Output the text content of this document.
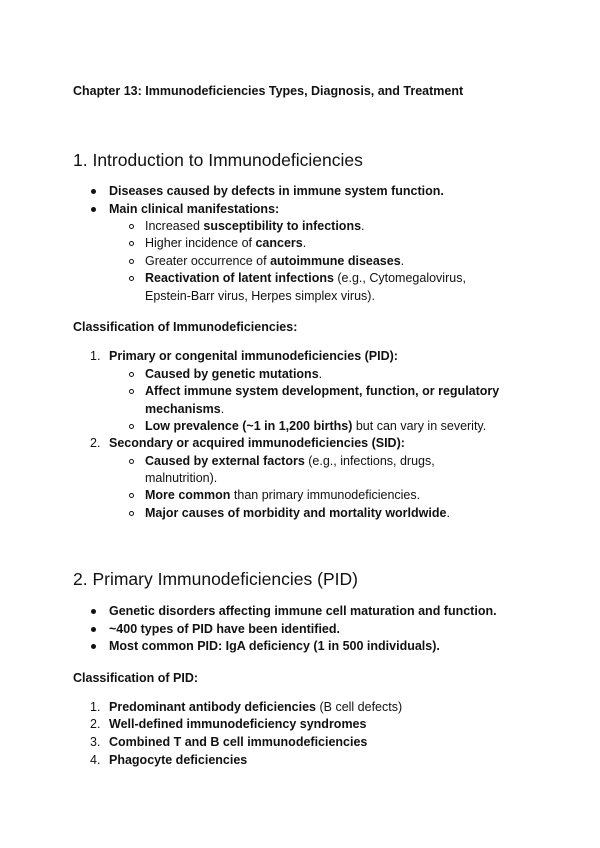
Chapter 13: Immunodeficiencies Types, Diagnosis, and Treatment
1. Introduction to Immunodeficiencies
Diseases caused by defects in immune system function.
Main clinical manifestations:
Increased susceptibility to infections.
Higher incidence of cancers.
Greater occurrence of autoimmune diseases.
Reactivation of latent infections (e.g., Cytomegalovirus,
Epstein-Barr virus, Herpes simplex virus).
Classification of Immunodeficiencies:
1. Primary or congenital immunodeficiencies (PID):
Caused by genetic mutations.
Affect immune system development, function, or regulatory
mechanisms.
Low prevalence (~1 in 1,200 births) but can vary in severity.
2. Secondary or acquired immunodeficiencies (SID):
Caused by external factors (e.g., infections, drugs,
malnutrition).
More common than primary immunodeficiencies.
Major causes of morbidity and mortality worldwide.
2. Primary Immunodeficiencies (PID)
Genetic disorders affecting immune cell maturation and function.
~400 types of PID have been identified.
Most common PID: IgA deficiency (1 in 500 individuals).
Classification of PID:
1. Predominant antibody deficiencies (B cell defects)
2. Well-defined immunodeficiency syndromes
3. Combined T and B cell immunodeficiencies
4. Phagocyte deficiencies
